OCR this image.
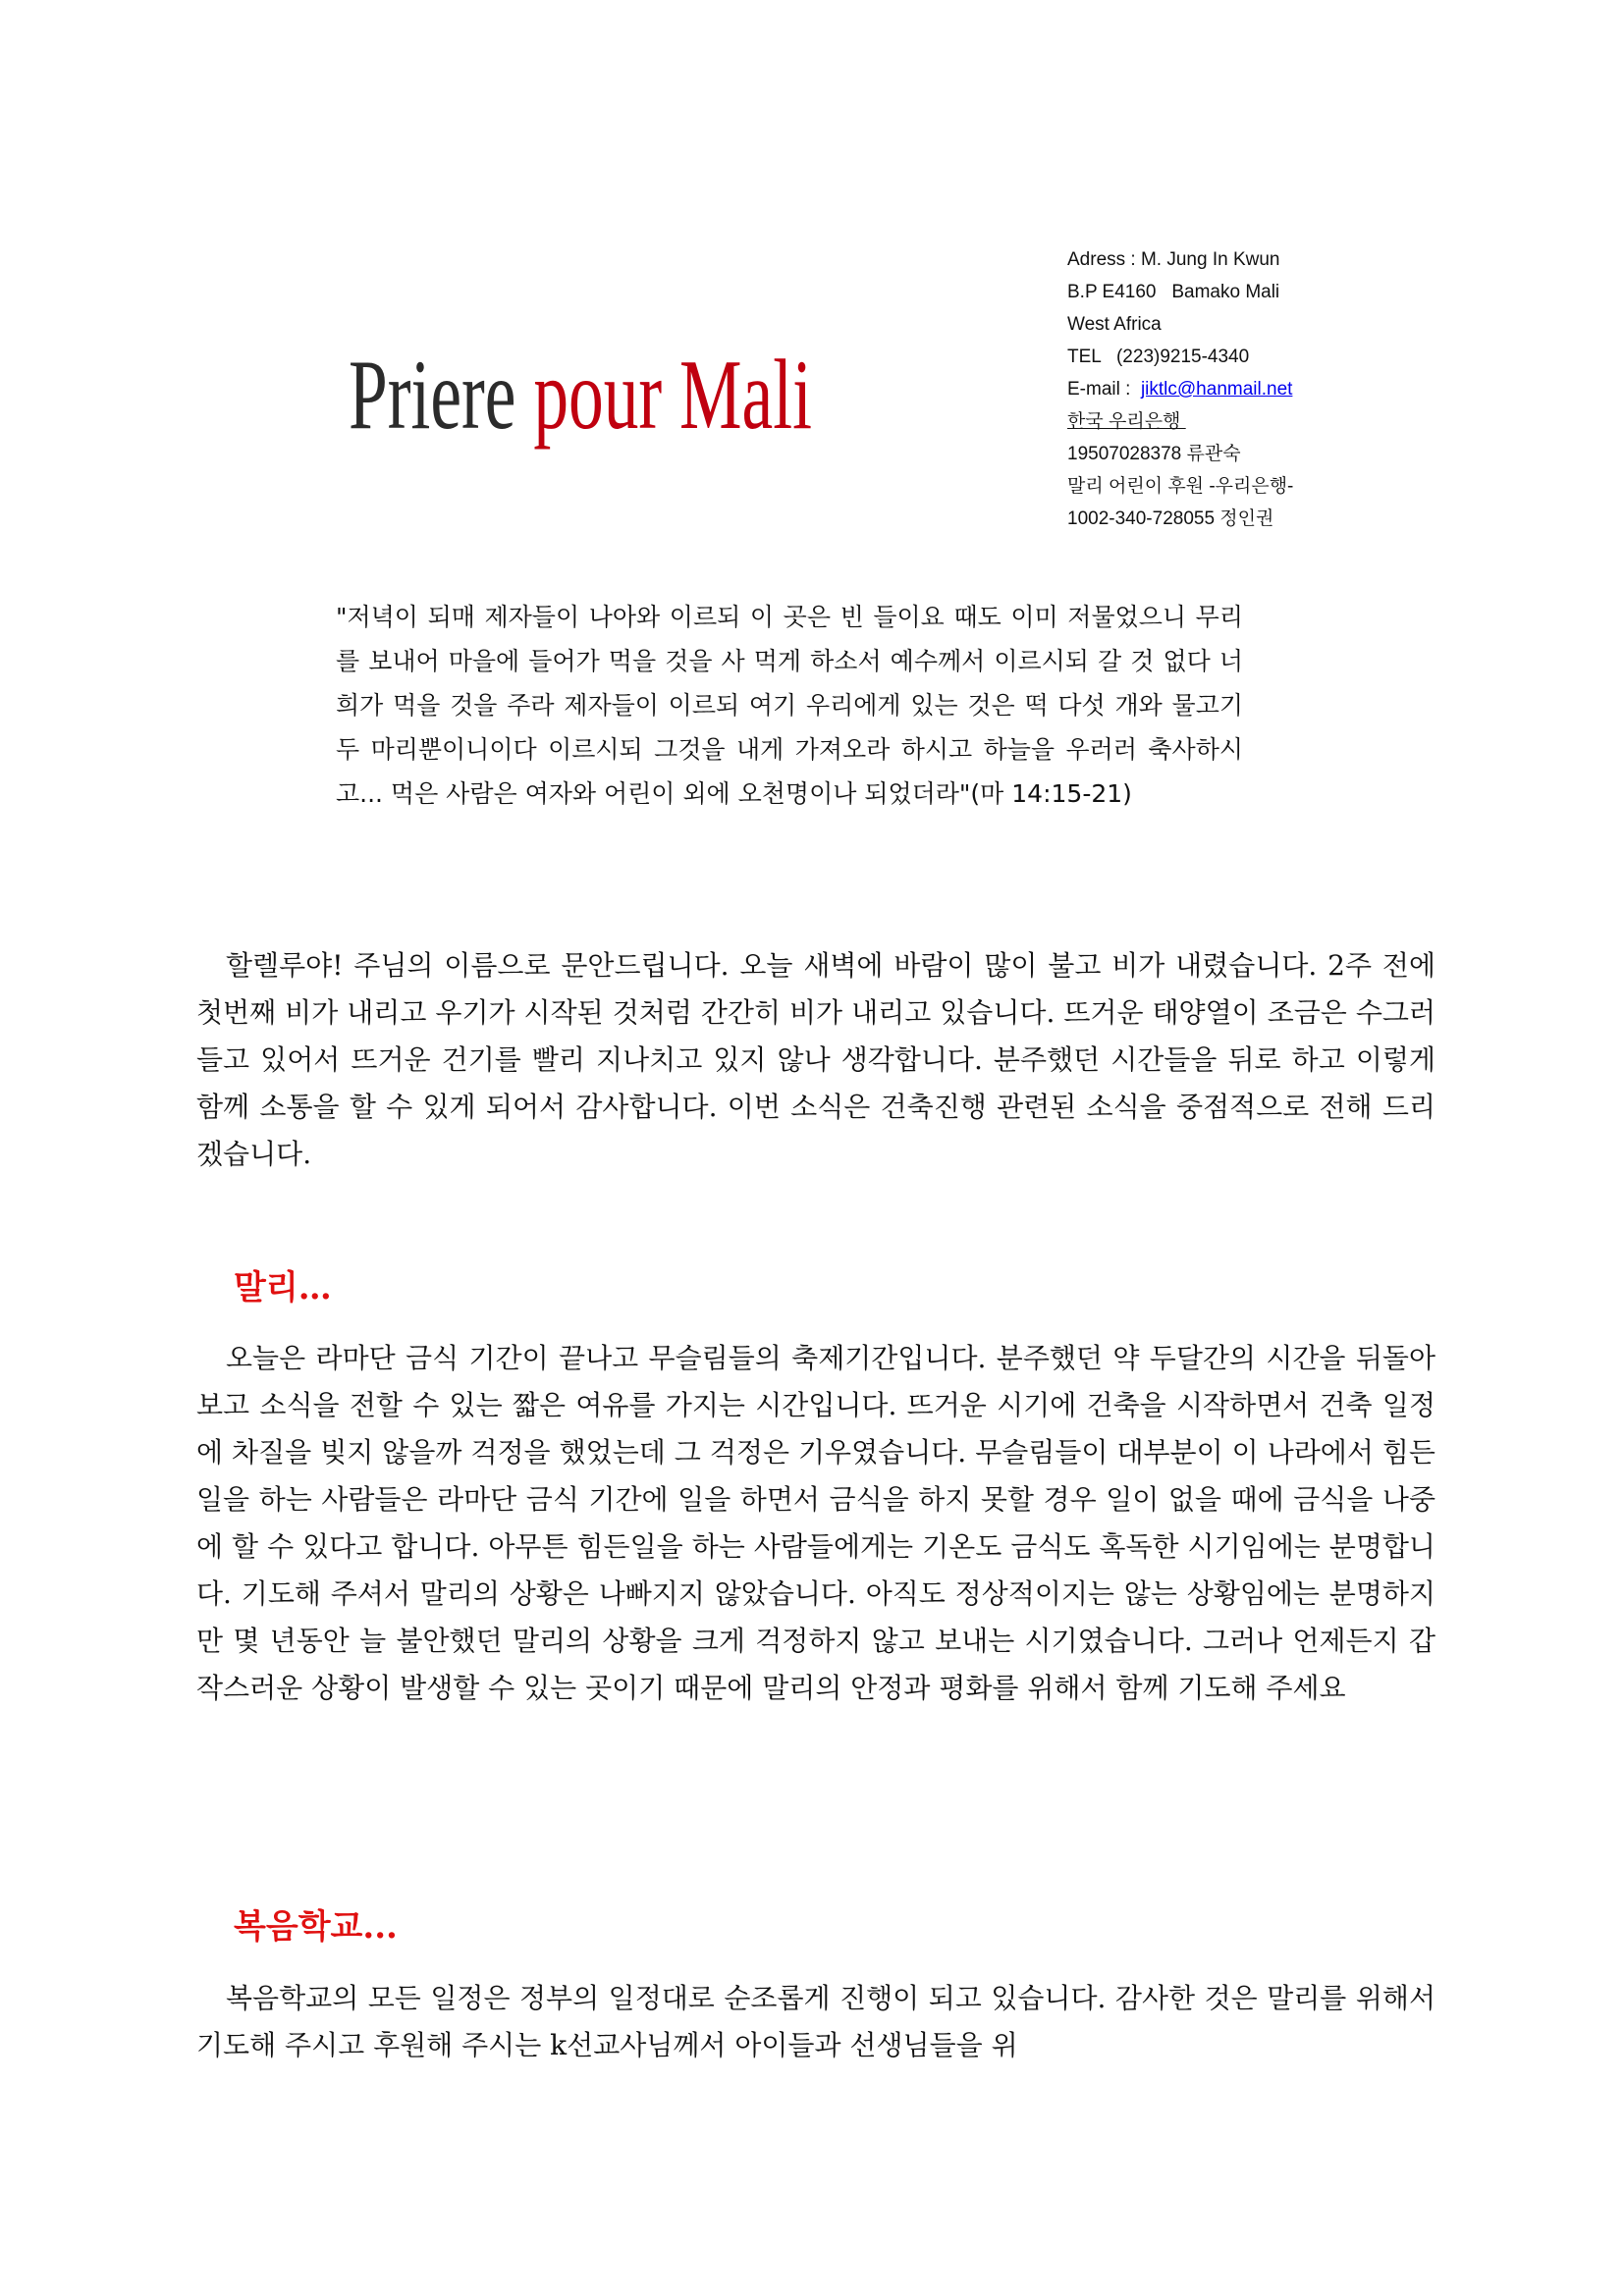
Priere pour Mali
Adress : M. Jung In Kwun
B.P E4160   Bamako Mali
West Africa
TEL   (223)9215-4340
E-mail :  jiktlc@hanmail.net
한국 우리은행
19507028378 류관숙
말리 어린이 후원 -우리은행-
1002-340-728055 정인권
"저녁이 되매 제자들이 나아와 이르되 이 곳은 빈 들이요 때도 이미 저물었으니 무리를 보내어 마을에 들어가 먹을 것을 사 먹게 하소서 예수께서 이르시되 갈 것 없다 너희가 먹을 것을 주라 제자들이 이르되 여기 우리에게 있는 것은 떡 다섯 개와 물고기 두 마리뿐이니이다 이르시되 그것을 내게 가져오라 하시고 하늘을 우러러 축사하시고... 먹은 사람은 여자와 어린이 외에 오천명이나 되었더라"(마 14:15-21)

할렐루야! 주님의 이름으로 문안드립니다. 오늘 새벽에 바람이 많이 불고 비가 내렸습니다. 2주 전에 첫번째 비가 내리고 우기가 시작된 것처럼 간간히 비가 내리고 있습니다. 뜨거운 태양열이 조금은 수그러들고 있어서 뜨거운 건기를 빨리 지나치고 있지 않나 생각합니다. 분주했던 시간들을 뒤로 하고 이렇게 함께 소통을 할 수 있게 되어서 감사합니다. 이번 소식은 건축진행 관련된 소식을 중점적으로 전해 드리겠습니다.

말리…

오늘은 라마단 금식 기간이 끝나고 무슬림들의 축제기간입니다. 분주했던 약 두달간의 시간을 뒤돌아 보고 소식을 전할 수 있는 짧은 여유를 가지는 시간입니다. 뜨거운 시기에 건축을 시작하면서 건축 일정에 차질을 빚지 않을까 걱정을 했었는데 그 걱정은 기우였습니다. 무슬림들이 대부분이 이 나라에서 힘든 일을 하는 사람들은 라마단 금식 기간에 일을 하면서 금식을 하지 못할 경우 일이 없을 때에 금식을 나중에 할 수 있다고 합니다. 아무튼 힘든일을 하는 사람들에게는 기온도 금식도 혹독한 시기임에는 분명합니다. 기도해 주셔서 말리의 상황은 나빠지지 않았습니다. 아직도 정상적이지는 않는 상황임에는 분명하지만 몇 년동안 늘 불안했던 말리의 상황을 크게 걱정하지 않고 보내는 시기였습니다. 그러나 언제든지 갑작스러운 상황이 발생할 수 있는 곳이기 때문에 말리의 안정과 평화를 위해서 함께 기도해 주세요

복음학교...

복음학교의 모든 일정은 정부의 일정대로 순조롭게 진행이 되고 있습니다. 감사한 것은 말리를 위해서 기도해 주시고 후원해 주시는 k선교사님께서 아이들과 선생님들을 위
